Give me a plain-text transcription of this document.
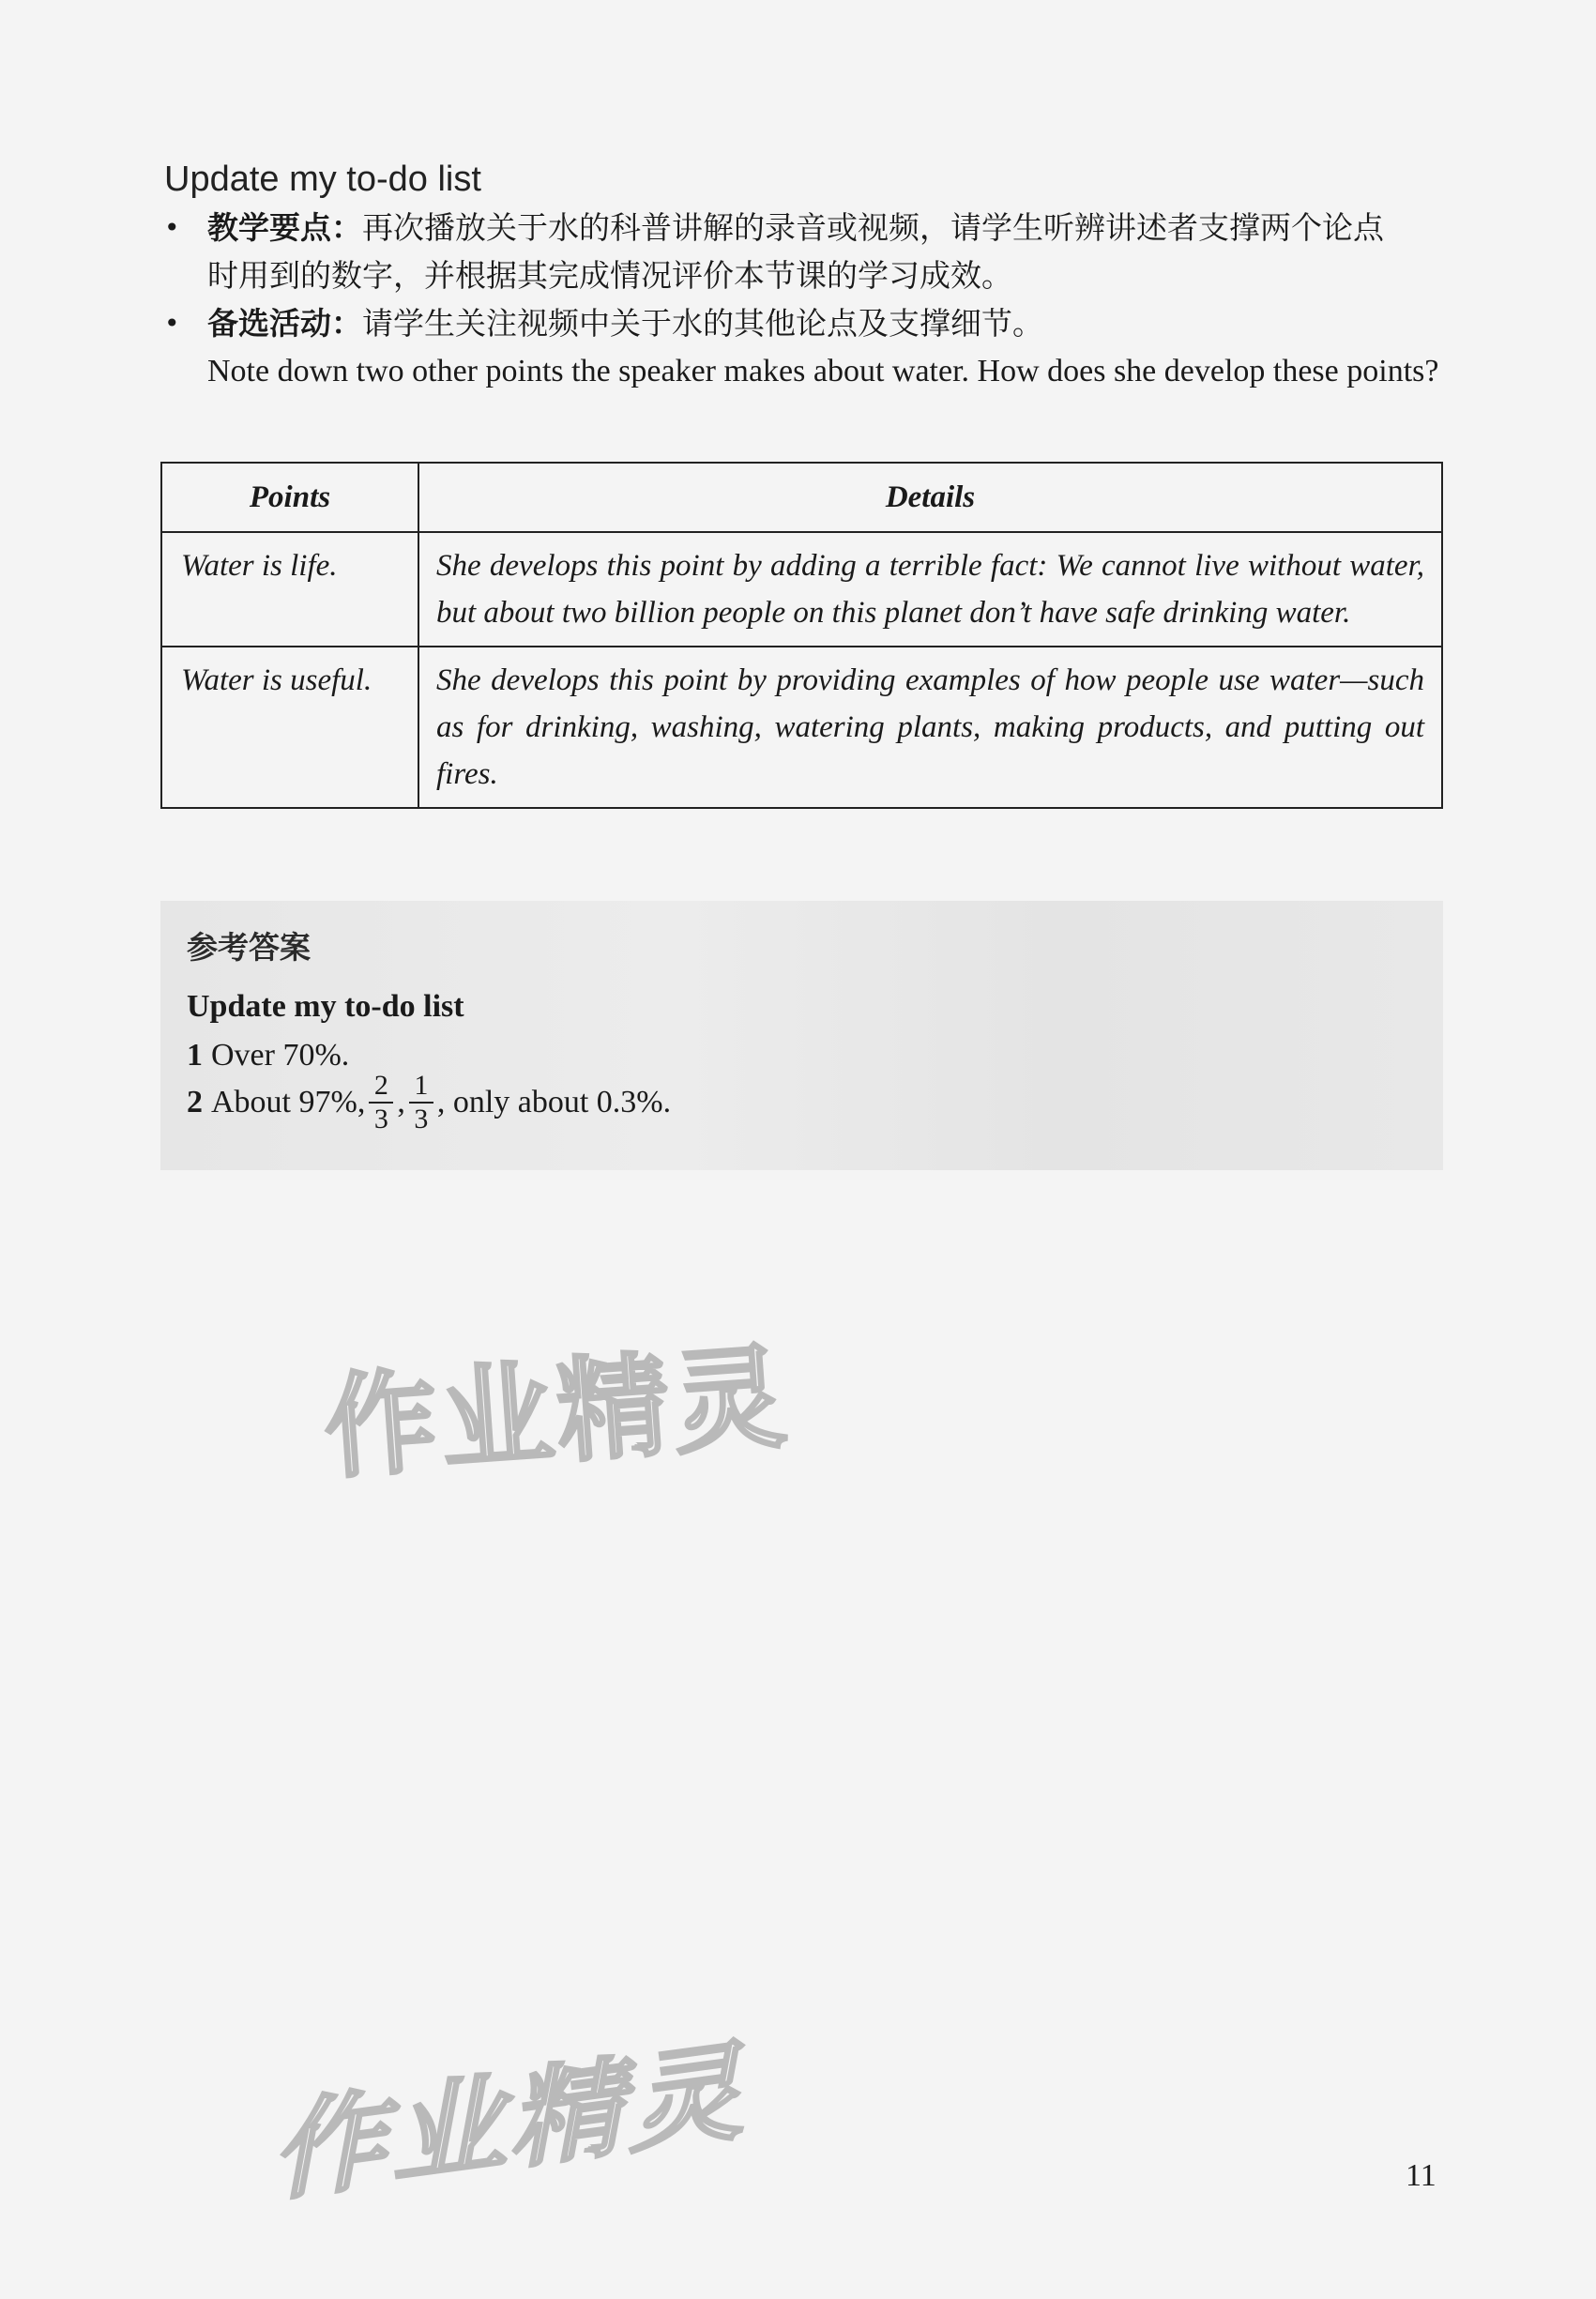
Update my to-do list
• 教学要点：再次播放关于水的科普讲解的录音或视频，请学生听辨讲述者支撑两个论点
时用到的数字，并根据其完成情况评价本节课的学习成效。
• 备选活动：请学生关注视频中关于水的其他论点及支撑细节。
Note down two other points the speaker makes about water. How does she develop these points?
Points	Details
Water is life.	She develops this point by adding a terrible fact: We cannot live without water, but about two billion people on this planet don’t have safe drinking water.
Water is useful.	She develops this point by providing examples of how people use water—such as for drinking, washing, watering plants, making products, and putting out fires.
参考答案
Update my to-do list
1 Over 70%.
2 About 97%, $\frac{2}{3}$ , $\frac{1}{3}$ , only about 0.3%.
作业精灵
作业精灵	11
